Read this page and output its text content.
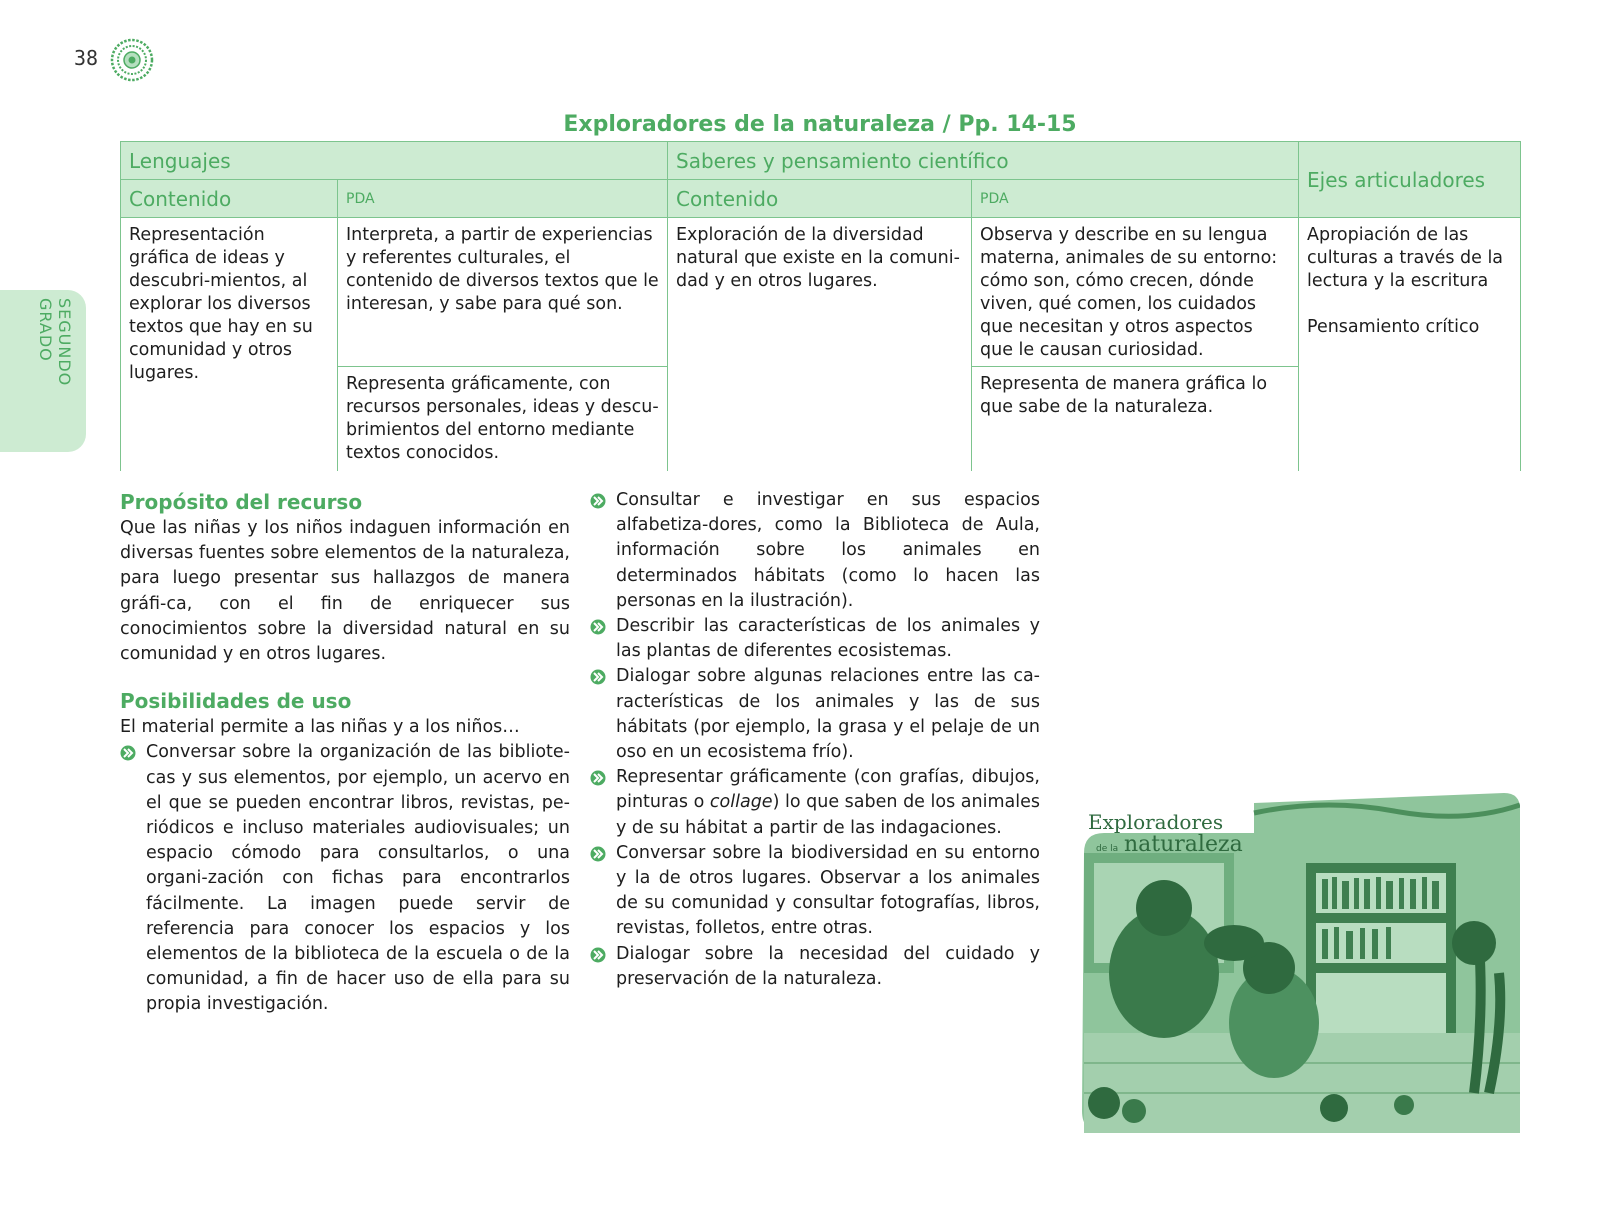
38
SEGUNDO GRADO
Exploradores de la naturaleza / Pp. 14-15
Lenguajes		Saberes y pensamiento científico		Ejes articuladores
Contenido	PDA	Contenido	PDA	
Representación gráfica de ideas y descubri-mientos, al explorar los diversos textos que hay en su comunidad y otros lugares.	Interpreta, a partir de experiencias y referentes culturales, el contenido de diversos textos que le interesan, y sabe para qué son.	Exploración de la diversidad natural que existe en la comuni-dad y en otros lugares.	Observa y describe en su lengua materna, animales de su entorno: cómo son, cómo crecen, dónde viven, qué comen, los cuidados que necesitan y otros aspectos que le causan curiosidad.	Apropiación de las culturas a través de la lectura y la escritura
Pensamiento crítico

	Representa gráficamente, con recursos personales, ideas y descu-brimientos del entorno mediante textos conocidos.		Representa de manera gráfica lo que sabe de la naturaleza.	
Propósito del recurso

Que las niñas y los niños indaguen información en diversas fuentes sobre elementos de la naturaleza, para luego presentar sus hallazgos de manera gráfi-ca, con el fin de enriquecer sus conocimientos sobre la diversidad natural en su comunidad y en otros lugares.

Posibilidades de uso

El material permite a las niñas y a los niños…

Conversar sobre la organización de las bibliote-cas y sus elementos, por ejemplo, un acervo en el que se pueden encontrar libros, revistas, pe-riódicos e incluso materiales audiovisuales; un espacio cómodo para consultarlos, o una organi-zación con fichas para encontrarlos fácilmente. La imagen puede servir de referencia para conocer los espacios y los elementos de la biblioteca de la escuela o de la comunidad, a fin de hacer uso de ella para su propia investigación.

Consultar e investigar en sus espacios alfabetiza-dores, como la Biblioteca de Aula, información sobre los animales en determinados hábitats (como lo hacen las personas en la ilustración).

Describir las características de los animales y las plantas de diferentes ecosistemas.

Dialogar sobre algunas relaciones entre las ca-racterísticas de los animales y las de sus hábitats (por ejemplo, la grasa y el pelaje de un oso en un ecosistema frío).

Representar gráficamente (con grafías, dibujos, pinturas o collage) lo que saben de los animales y de su hábitat a partir de las indagaciones.

Conversar sobre la biodiversidad en su entorno y la de otros lugares. Observar a los animales de su comunidad y consultar fotografías, libros, revistas, folletos, entre otras.

Dialogar sobre la necesidad del cuidado y preservación de la naturaleza.

Exploradores
de la naturaleza
